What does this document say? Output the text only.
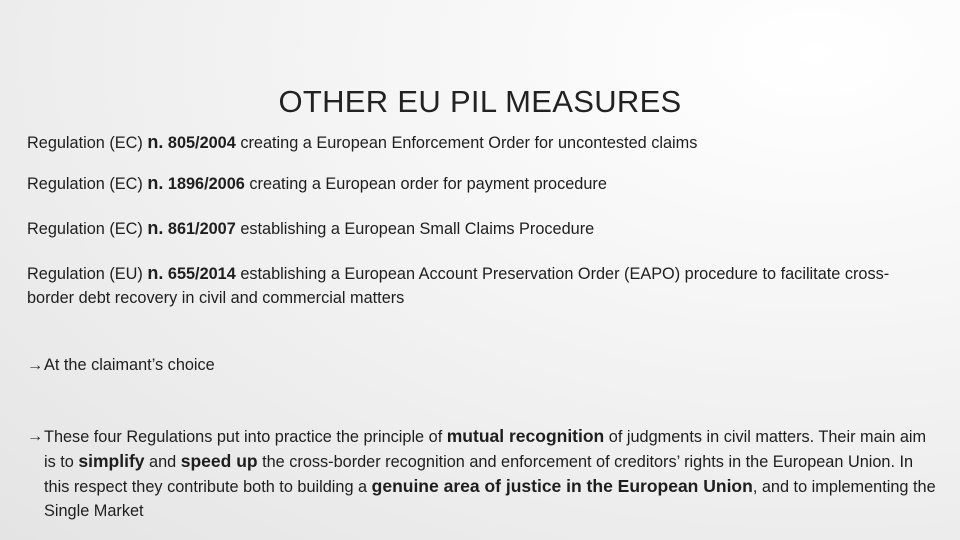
OTHER EU PIL MEASURES
Regulation (EC) n. 805/2004 creating a European Enforcement Order for uncontested claims
Regulation (EC) n. 1896/2006 creating a European order for payment procedure
Regulation (EC) n. 861/2007 establishing a European Small Claims Procedure
Regulation (EU) n. 655/2014 establishing a European Account Preservation Order (EAPO) procedure to facilitate cross-border debt recovery in civil and commercial matters
→ At the claimant’s choice
→ These four Regulations put into practice the principle of mutual recognition of judgments in civil matters. Their main aim is to simplify and speed up the cross-border recognition and enforcement of creditors’ rights in the European Union. In this respect they contribute both to building a genuine area of justice in the European Union, and to implementing the Single Market
